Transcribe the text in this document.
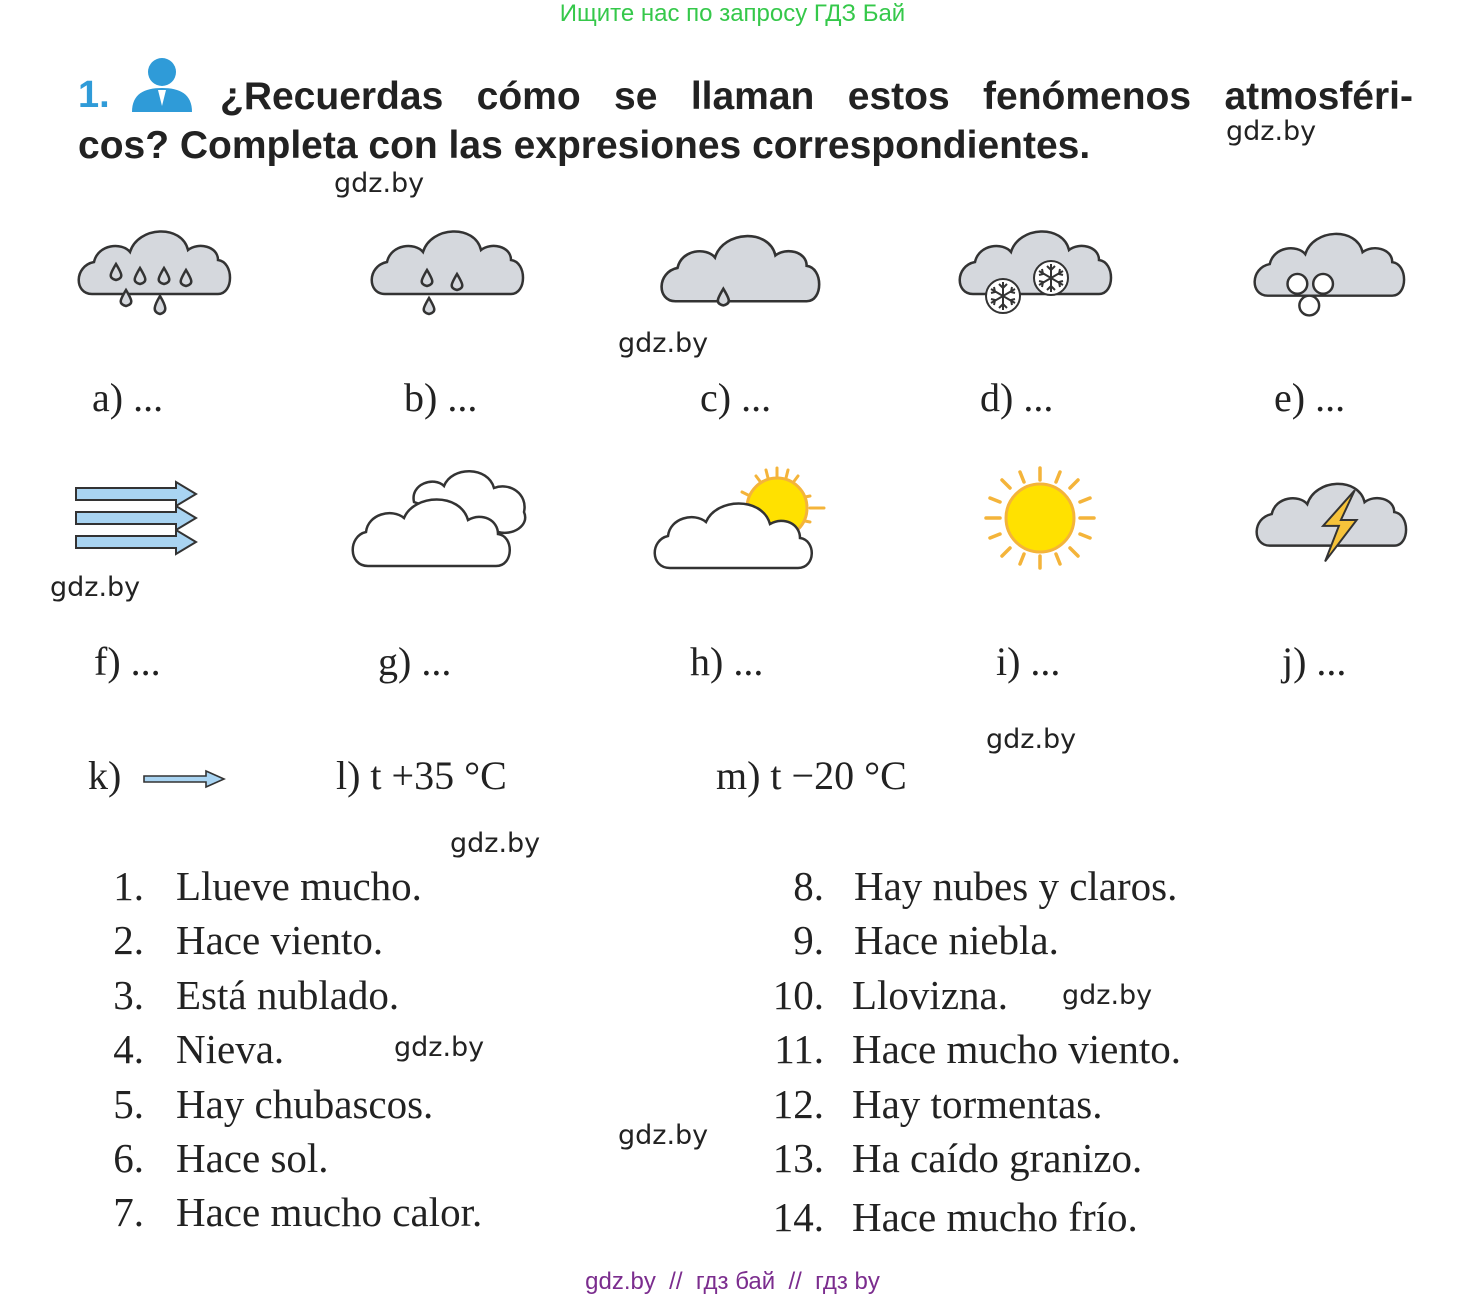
Ищите нас по запросу ГДЗ Бай
1.	¿Recuerdas cómo se llaman estos fenómenos atmosféri-
cos? Completa con las expresiones correspondientes.	gdz.by
gdz.by
gdz.by
gdz.by
gdz.by
gdz.by
gdz.by
gdz.by
gdz.by
a) ...	b) ...	c) ...	d) ...	e) ...
f) ...	g) ...	h) ...	i) ...	j) ...
k)	l) t +35 °C	m) t −20 °C
1. Llueve mucho.
2. Hace viento.
3. Está nublado.
4. Nieva.
5. Hay chubascos.
6. Hace sol.
7. Hace mucho calor.
8. Hay nubes y claros.
9. Hace niebla.
10. Llovizna.
11. Hace mucho viento.
12. Hay tormentas.
13. Ha caído granizo.
14. Hace mucho frío.
gdz.by  //  гдз бай  //  гдз by
